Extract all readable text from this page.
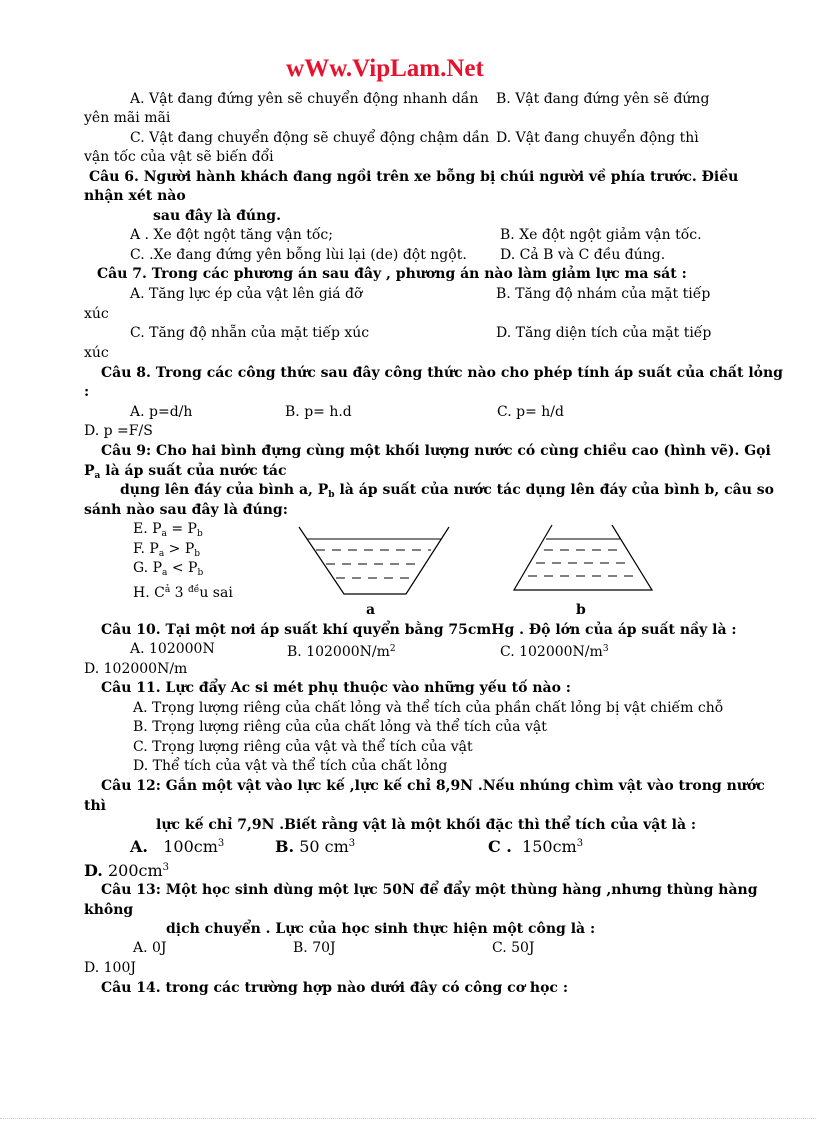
wWw.VipLam.Net
A. Vật đang đứng yên sẽ chuyển động nhanh dần B. Vật đang đứng yên sẽ đứng
yên mãi mãi
C. Vật đang chuyển động sẽ chuyể động chậm dần D. Vật đang chuyển động thì
vận tốc của vật sẽ biến đổi
Câu 6. Người hành khách đang ngồi trên xe bỗng bị chúi người về phía trước. Điều
nhận xét nào
sau đây là đúng.
A . Xe đột ngột tăng vận tốc;	B. Xe đột ngột giảm vận tốc.
C. .Xe đang đứng yên bỗng lùi lại (de) đột ngột. D. Cả B và C đều đúng.
Câu 7. Trong các phương án sau đây , phương án nào làm giảm lực ma sát :
A. Tăng lực ép của vật lên giá đỡ	B. Tăng độ nhám của mặt tiếp
xúc
C. Tăng độ nhẵn của mặt tiếp xúc	D. Tăng diện tích của mặt tiếp
xúc
Câu 8. Trong các công thức sau đây công thức nào cho phép tính áp suất của chất lỏng
:
A. p=d/h	B. p= h.d	C. p= h/d
D. p =F/S
Câu 9: Cho hai bình đựng cùng một khối lượng nước có cùng chiều cao (hình vẽ). Gọi
$P_a$ là áp suất của nước tác
dụng lên đáy của bình a, $P_b$ là áp suất của nước tác dụng lên đáy của bình b, câu so
sánh nào sau đây là đúng:
E. $P_a = P_b$
F. $P_a > P_b$
G. $P_a < P_b$
H. $C^ả$ 3 $^{đề}$u sai
a	b
Câu 10. Tại một nơi áp suất khí quyển bằng 75cmHg . Độ lớn của áp suất nầy là :
A. 102000N	B. $102000N/m^2$	C. $102000N/m^3$
D. 102000N/m
Câu 11. Lực đẩy Ac si mét phụ thuộc vào những yếu tố nào :
A. Trọng lượng riêng của chất lỏng và thể tích của phần chất lỏng bị vật chiếm chỗ
B. Trọng lượng riêng của của chất lỏng và thể tích của vật
C. Trọng lượng riêng của vật và thể tích của vật
D. Thể tích của vật và thể tích của chất lỏng
Câu 12: Gắn một vật vào lực kế ,lực kế chỉ 8,9N .Nếu nhúng chìm vật vào trong nước
thì
lực kế chỉ 7,9N .Biết rằng vật là một khối đặc thì thể tích của vật là :
A. $100cm^3$	B. 50 $cm^3$	C . $150cm^3$
D. $200cm^3$
Câu 13: Một học sinh dùng một lực 50N để đẩy một thùng hàng ,nhưng thùng hàng
không
dịch chuyển . Lực của học sinh thực hiện một công là :
A. 0J	B. 70J	C. 50J
D. 100J
Câu 14. trong các trường hợp nào dưới đây có công cơ học :
